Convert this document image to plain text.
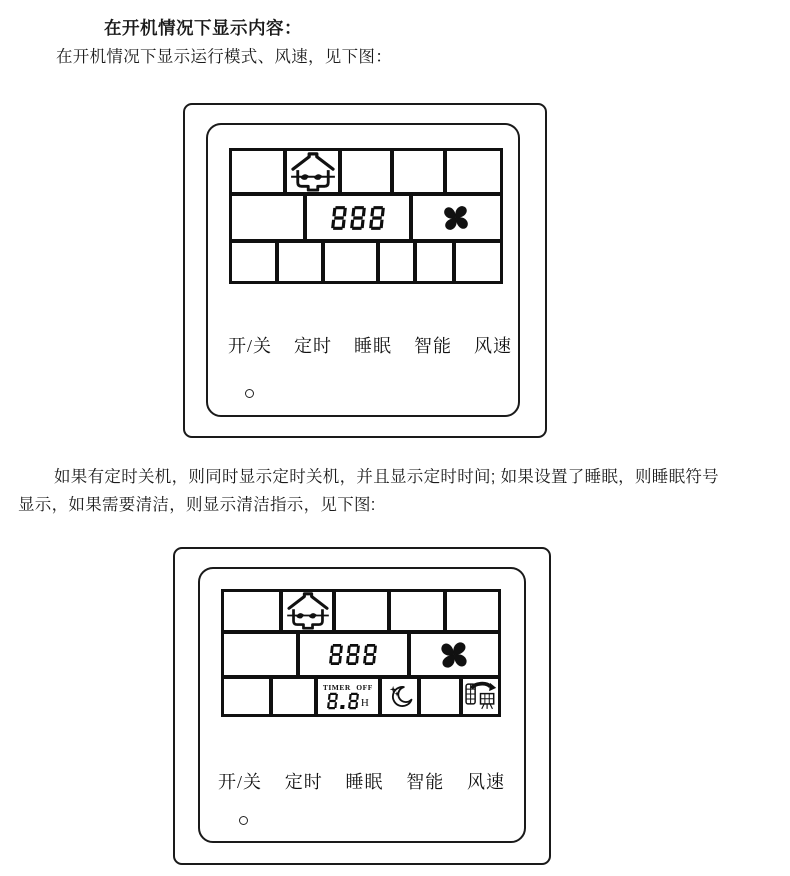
在开机情况下显示内容：
在开机情况下显示运行模式、风速，见下图：
开/关 定时 睡眠 智能 风速
如果有定时关机，则同时显示定时关机，并且显示定时时间; 如果设置了睡眠，则睡眠符号
显示，如果需要清洁，则显示清洁指示，见下图:
TIMER OFF
H
开/关 定时 睡眠 智能 风速
